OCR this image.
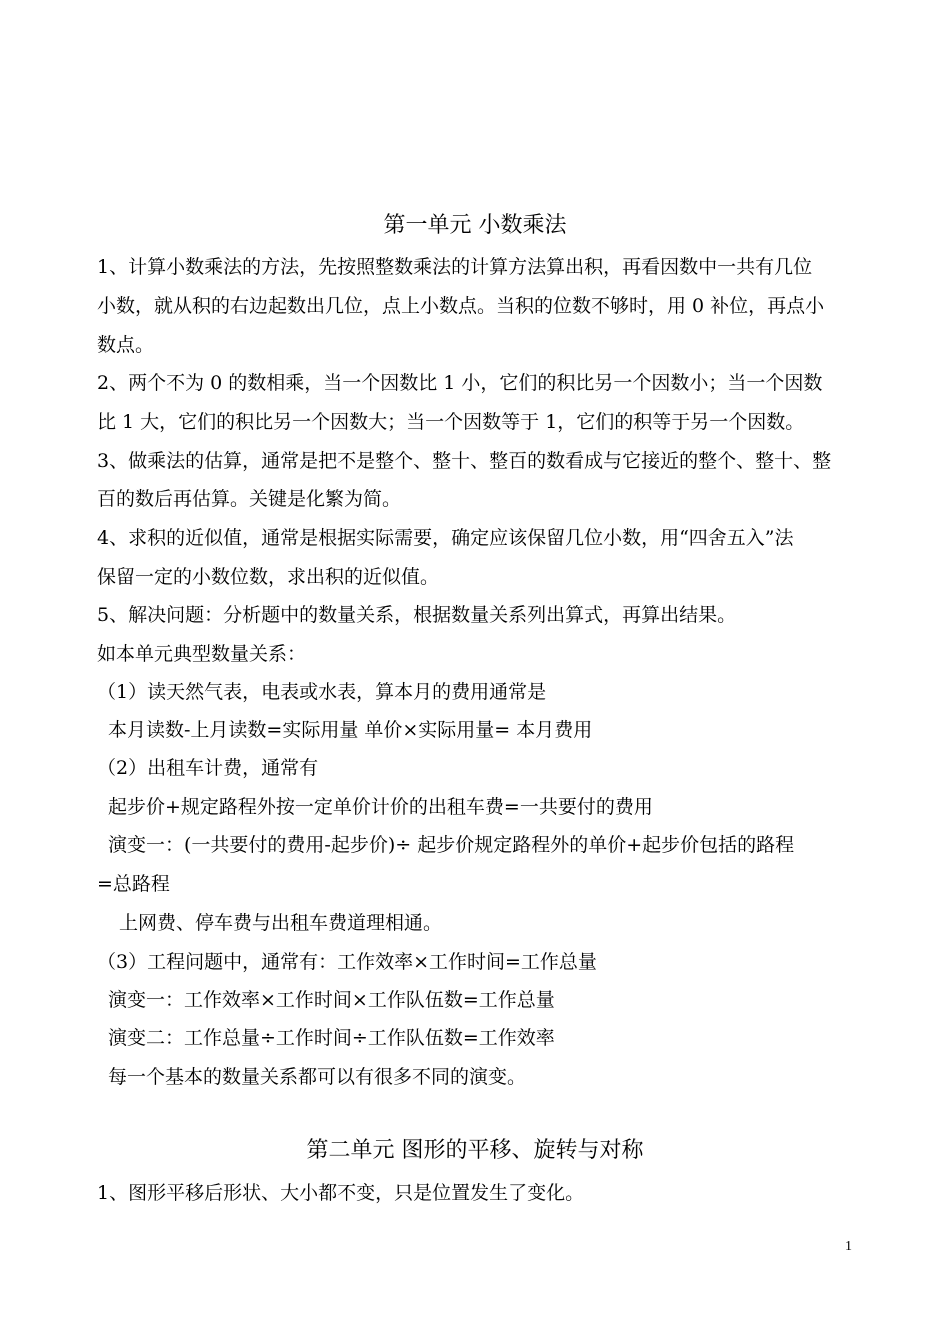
第一单元 小数乘法
1、计算小数乘法的方法，先按照整数乘法的计算方法算出积，再看因数中一共有几位
小数，就从积的右边起数出几位，点上小数点。当积的位数不够时，用 0 补位，再点小
数点。
2、两个不为 0 的数相乘，当一个因数比 1 小，它们的积比另一个因数小；当一个因数
比 1 大，它们的积比另一个因数大；当一个因数等于 1，它们的积等于另一个因数。
3、做乘法的估算，通常是把不是整个、整十、整百的数看成与它接近的整个、整十、整
百的数后再估算。关键是化繁为简。
4、求积的近似值，通常是根据实际需要，确定应该保留几位小数，用“四舍五入”法
保留一定的小数位数，求出积的近似值。
5、解决问题：分析题中的数量关系，根据数量关系列出算式，再算出结果。
如本单元典型数量关系：
（1）读天然气表，电表或水表，算本月的费用通常是
本月读数-上月读数=实际用量 单价×实际用量= 本月费用
（2）出租车计费，通常有
起步价+规定路程外按一定单价计价的出租车费=一共要付的费用
演变一：(一共要付的费用-起步价)÷ 起步价规定路程外的单价+起步价包括的路程
=总路程
上网费、停车费与出租车费道理相通。
（3）工程问题中，通常有：工作效率×工作时间=工作总量
演变一：工作效率×工作时间×工作队伍数=工作总量
演变二：工作总量÷工作时间÷工作队伍数=工作效率
每一个基本的数量关系都可以有很多不同的演变。
第二单元 图形的平移、旋转与对称
1、图形平移后形状、大小都不变，只是位置发生了变化。
1
